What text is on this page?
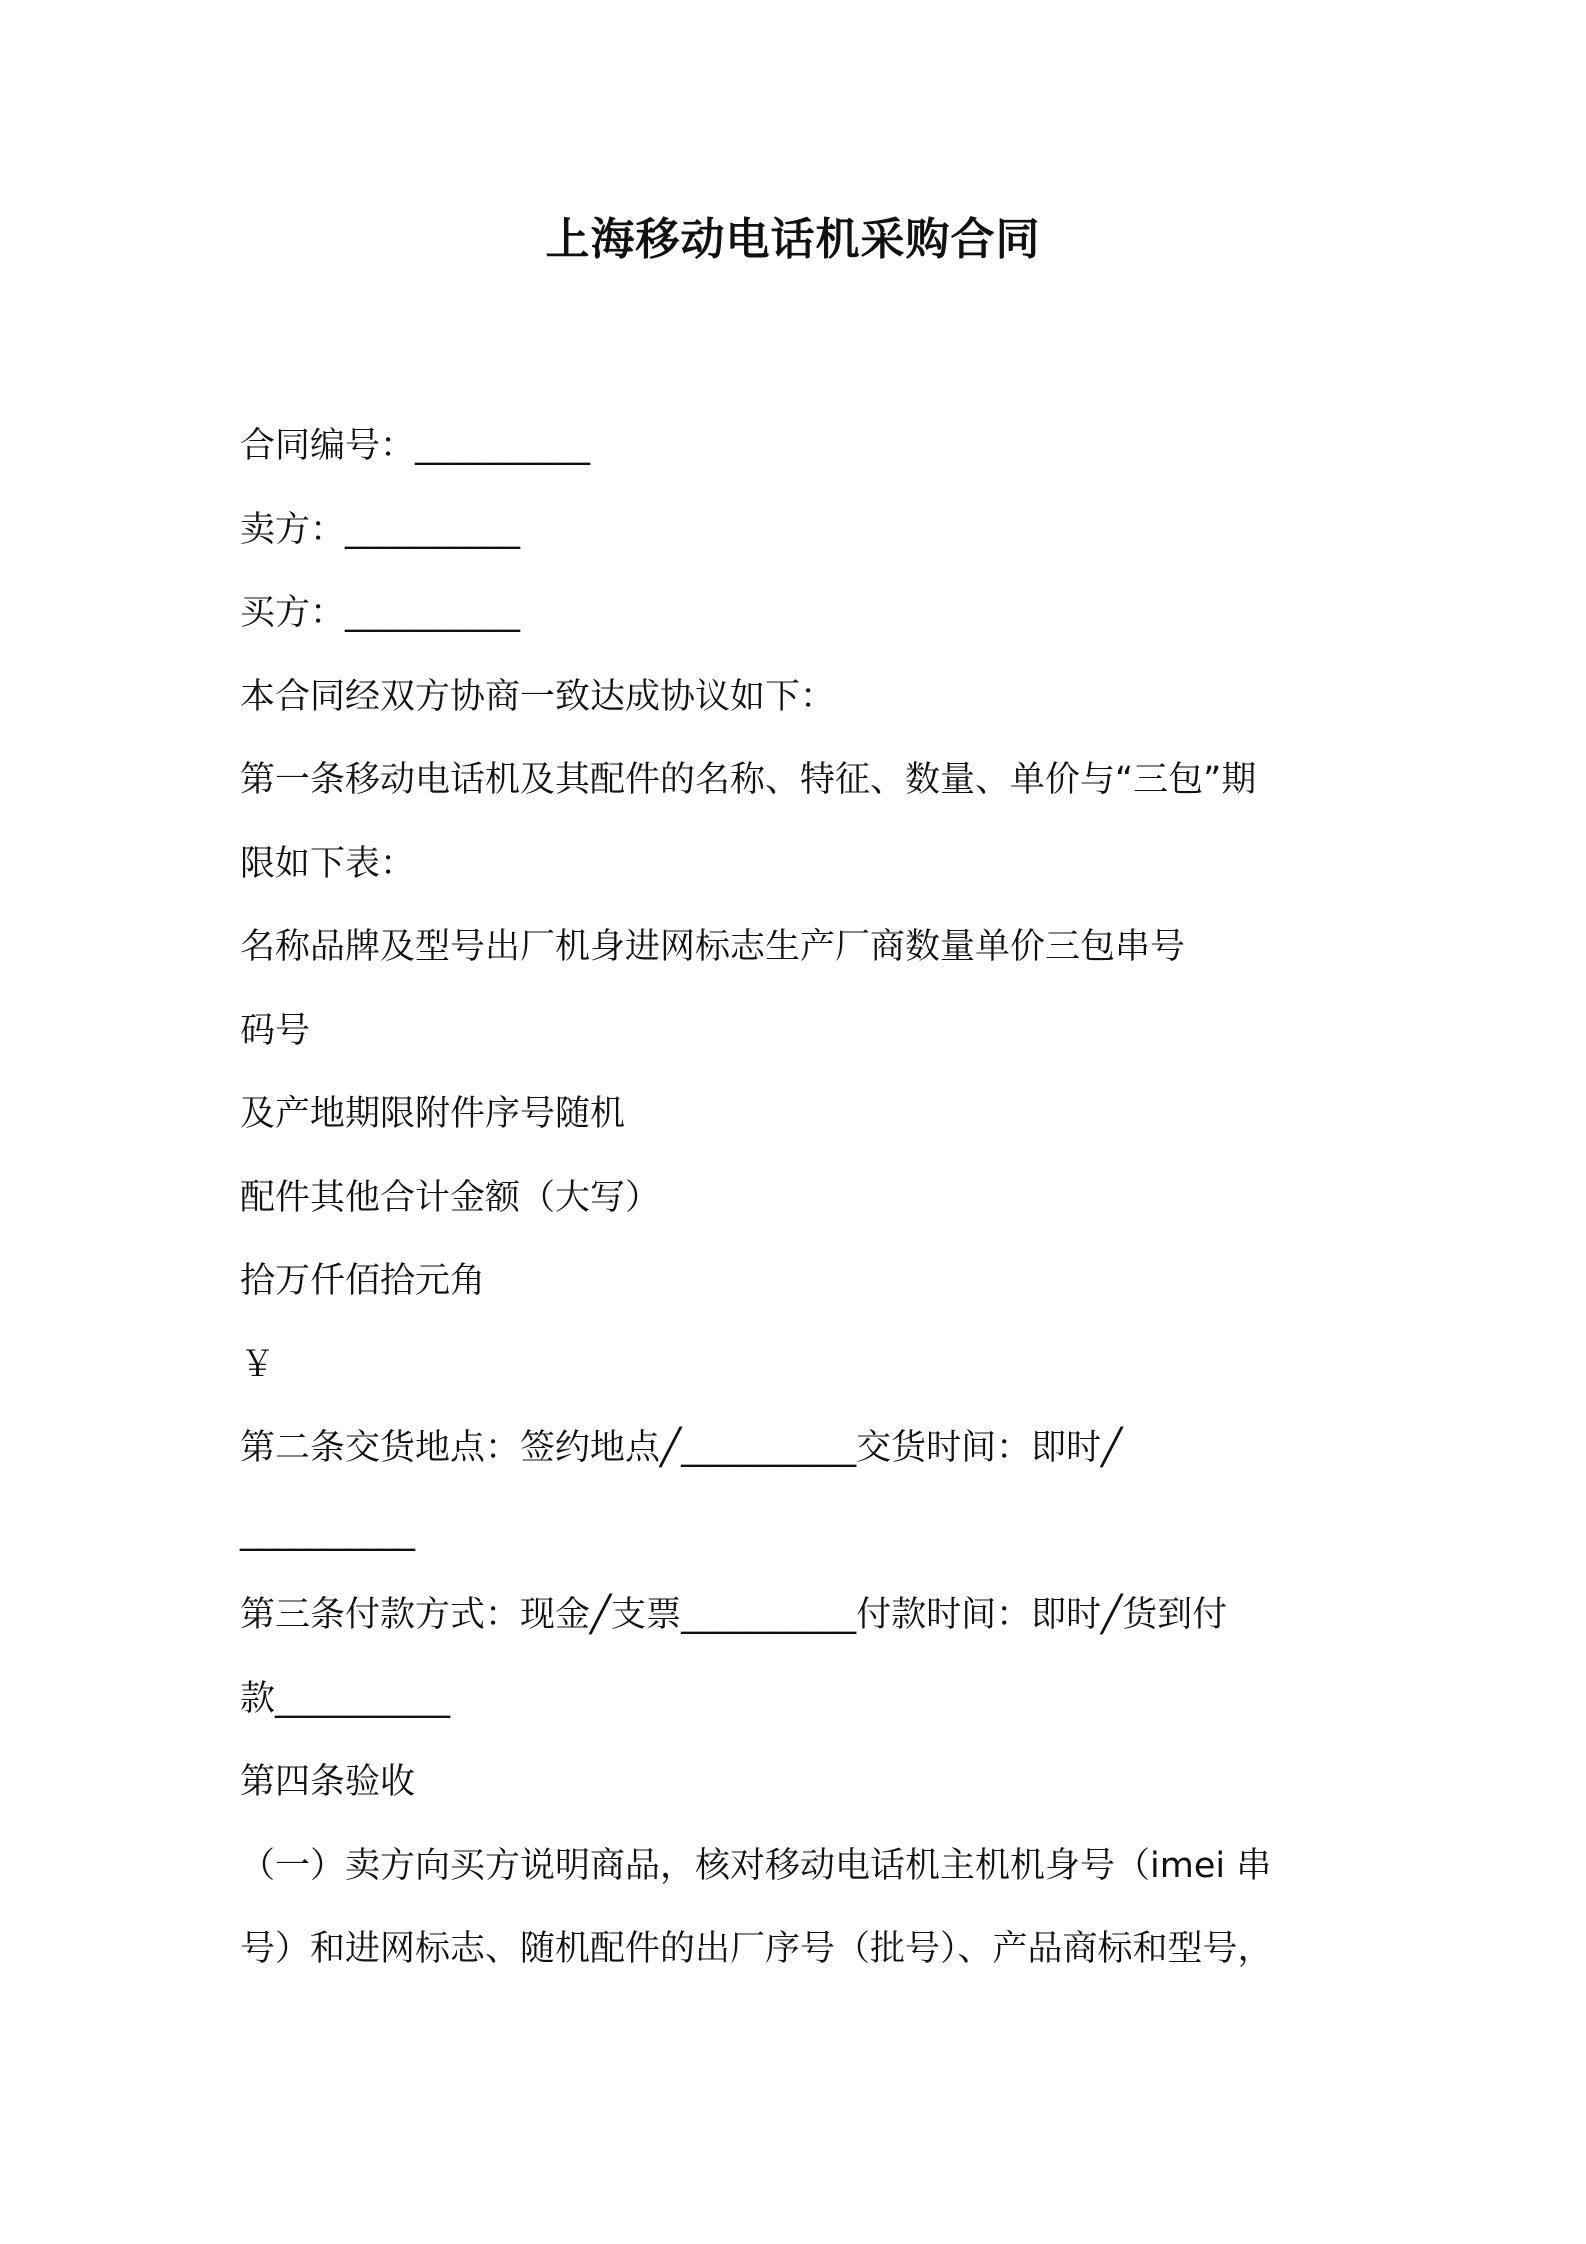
上海移动电话机采购合同
合同编号：__________
卖方：__________
买方：__________
本合同经双方协商一致达成协议如下：
第一条移动电话机及其配件的名称、特征、数量、单价与“三包”期
限如下表：
名称品牌及型号出厂机身进网标志生产厂商数量单价三包串号
码号
及产地期限附件序号随机
配件其他合计金额（大写）
拾万仟佰拾元角
￥
第二条交货地点：签约地点╱__________交货时间：即时╱
__________
第三条付款方式：现金╱支票__________付款时间：即时╱货到付
款__________
第四条验收
（一）卖方向买方说明商品，核对移动电话机主机机身号（imei 串
号）和进网标志、随机配件的出厂序号（批号）、产品商标和型号，
